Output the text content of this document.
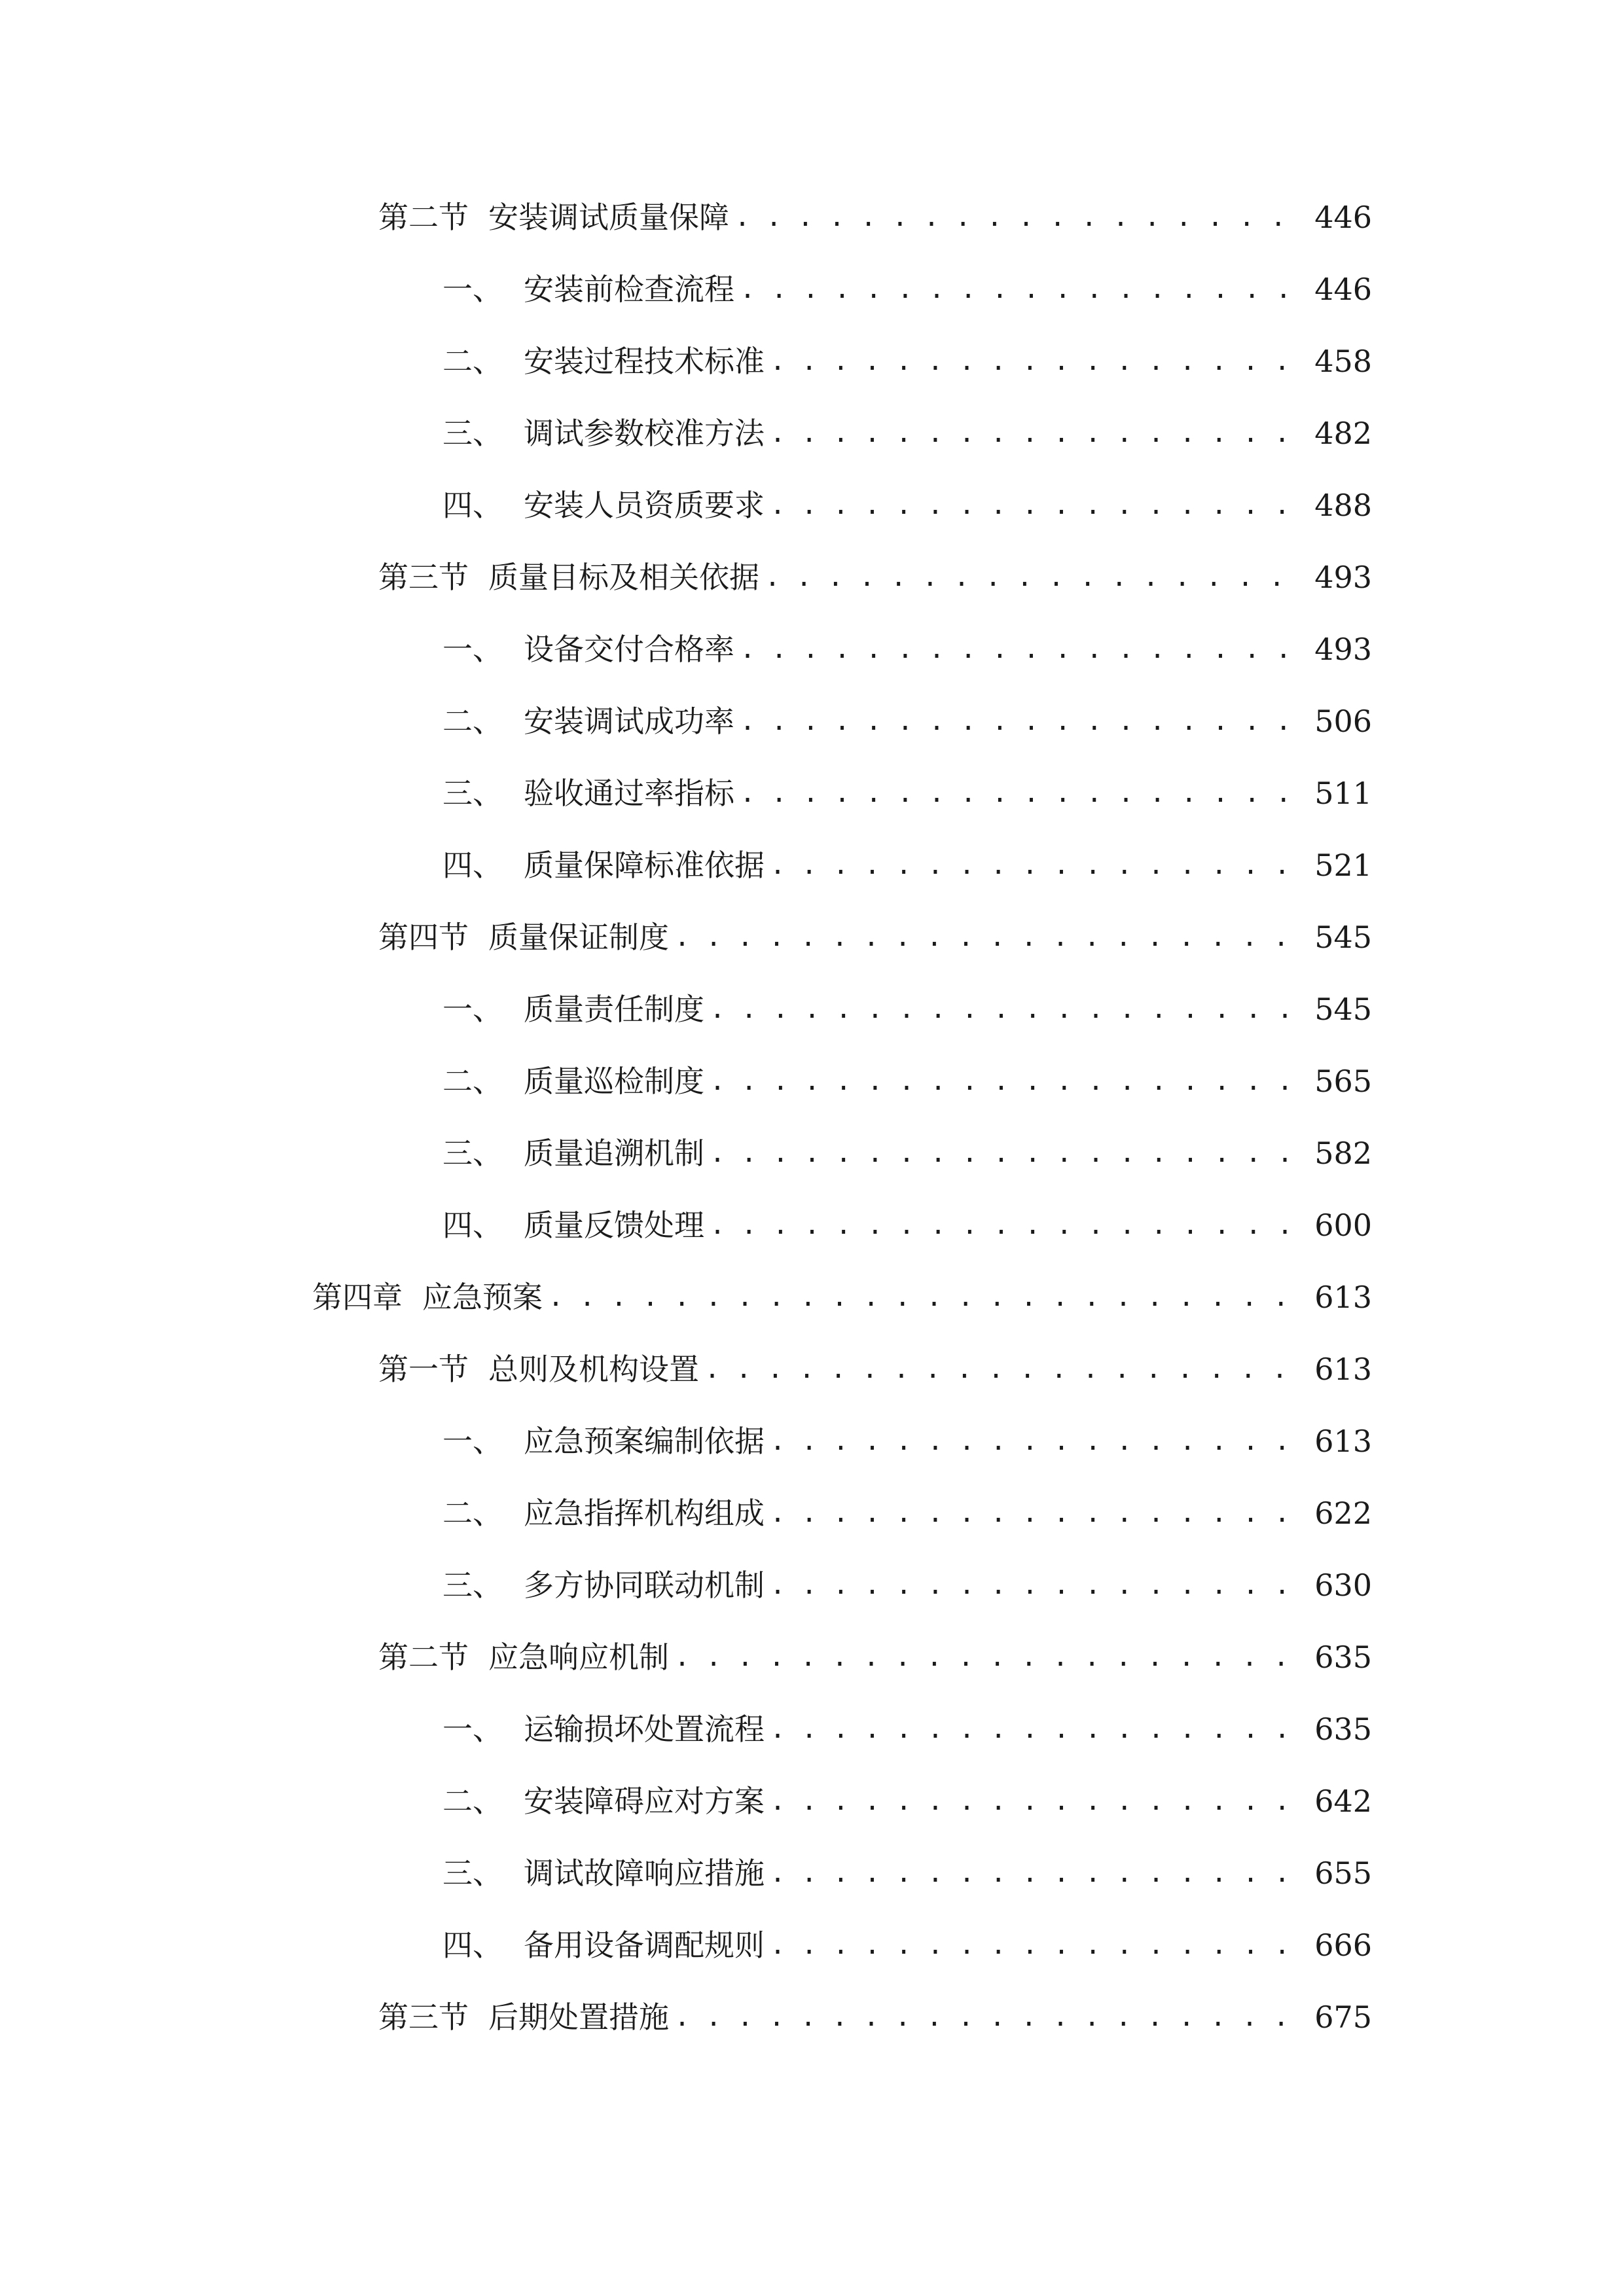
第二节 安装调试质量保障 . . .	446
一、 安装前检查流程 . . .	446
二、 安装过程技术标准 . . .	458
三、 调试参数校准方法 . . .	482
四、 安装人员资质要求 . . .	488
第三节 质量目标及相关依据 . . .	493
一、 设备交付合格率 . . .	493
二、 安装调试成功率 . . .	506
三、 验收通过率指标 . . .	511
四、 质量保障标准依据 . . .	521
第四节 质量保证制度 . . .	545
一、 质量责任制度 . . .	545
二、 质量巡检制度 . . .	565
三、 质量追溯机制 . . .	582
四、 质量反馈处理 . . .	600
第四章 应急预案 . . .	613
第一节 总则及机构设置 . . .	613
一、 应急预案编制依据 . . .	613
二、 应急指挥机构组成 . . .	622
三、 多方协同联动机制 . . .	630
第二节 应急响应机制 . . .	635
一、 运输损坏处置流程 . . .	635
二、 安装障碍应对方案 . . .	642
三、 调试故障响应措施 . . .	655
四、 备用设备调配规则 . . .	666
第三节 后期处置措施 . . .	675
